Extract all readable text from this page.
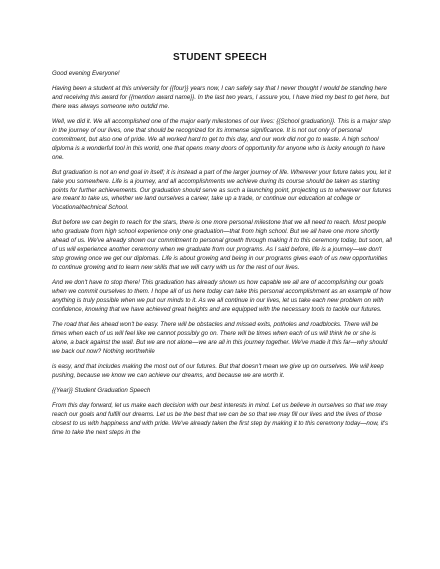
STUDENT SPEECH

Good evening Everyone!

Having been a student at this university for {{four}} years now, I can safely say that I never thought I would be standing here and receiving this award for {{mention award name}}. In the last two years, I assure you, I have tried my best to get here, but there was always someone who outdid me.

Well, we did it. We all accomplished one of the major early milestones of our lives: {{School graduation}}. This is a major step in the journey of our lives, one that should be recognized for its immense significance. It is not out only of personal commitment, but also one of pride. We all worked hard to get to this day, and our work did not go to waste. A high school diploma is a wonderful tool in this world, one that opens many doors of opportunity for anyone who is lucky enough to have one.

But graduation is not an end goal in itself; it is instead a part of the larger journey of life. Wherever your future takes you, let it take you somewhere. Life is a journey, and all accomplishments we achieve during its course should be taken as starting points for further achievements. Our graduation should serve as such a launching point, projecting us to wherever our futures are meant to take us, whether we land ourselves a career, take up a trade, or continue our education at college or Vocational/technical School.

But before we can begin to reach for the stars, there is one more personal milestone that we all need to reach. Most people who graduate from high school experience only one graduation—that from high school. But we all have one more shortly ahead of us. We've already shown our commitment to personal growth through making it to this ceremony today, but soon, all of us will experience another ceremony when we graduate from our programs. As I said before, life is a journey—we don't stop growing once we get our diplomas. Life is about growing and being in our programs gives each of us new opportunities to continue growing and to learn new skills that we will carry with us for the rest of our lives.

And we don't have to stop there! This graduation has already shown us how capable we all are of accomplishing our goals when we commit ourselves to them. I hope all of us here today can take this personal accomplishment as an example of how anything is truly possible when we put our minds to it. As we all continue in our lives, let us take each new problem on with confidence, knowing that we have achieved great heights and are equipped with the necessary tools to tackle our futures.

The road that lies ahead won't be easy. There will be obstacles and missed exits, potholes and roadblocks. There will be times when each of us will feel like we cannot possibly go on. There will be times when each of us will think he or she is alone, a back against the wall. But we are not alone—we are all in this journey together. We've made it this far—why should we back out now? Nothing worthwhile

is easy, and that includes making the most out of our futures. But that doesn't mean we give up on ourselves. We will keep pushing, because we know we can achieve our dreams, and because we are worth it.

{{Year}} Student Graduation Speech

From this day forward, let us make each decision with our best interests in mind. Let us believe in ourselves so that we may reach our goals and fulfill our dreams. Let us be the best that we can be so that we may fill our lives and the lives of those closest to us with happiness and with pride. We've already taken the first step by making it to this ceremony today—now, it's time to take the next steps in the
